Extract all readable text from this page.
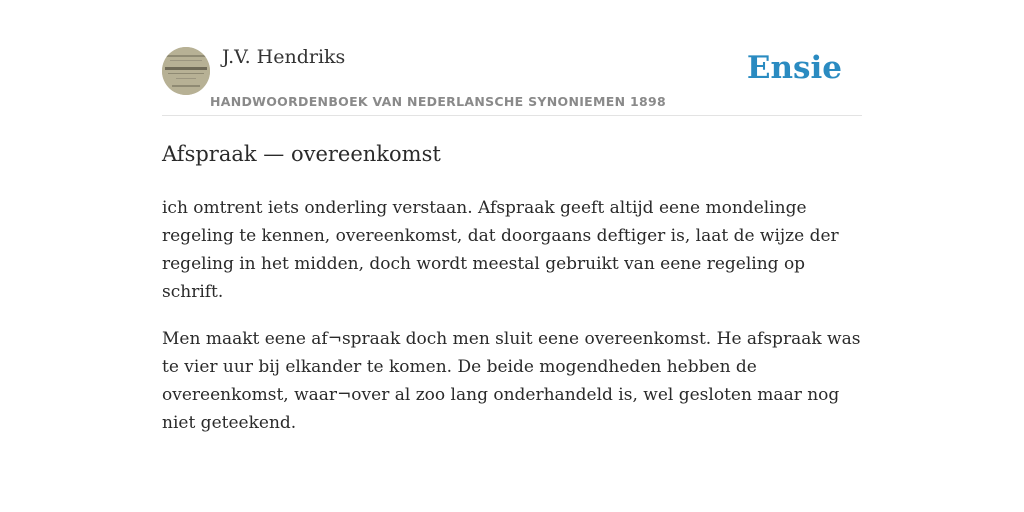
J.V. Hendriks
HANDWOORDENBOEK VAN NEDERLANSCHE SYNONIEMEN 1898
Ensie
Afspraak — overeenkomst

ich omtrent iets onderling verstaan. Afspraak geeft altijd eene mondelinge regeling te kennen, overeenkomst, dat doorgaans deftiger is, laat de wijze der regeling in het midden, doch wordt meestal gebruikt van eene regeling op schrift.

Men maakt eene af¬spraak doch men sluit eene overeenkomst. He afspraak was te vier uur bij elkander te komen. De beide mogendheden hebben de overeenkomst, waar¬over al zoo lang onderhandeld is, wel gesloten maar nog niet geteekend.
